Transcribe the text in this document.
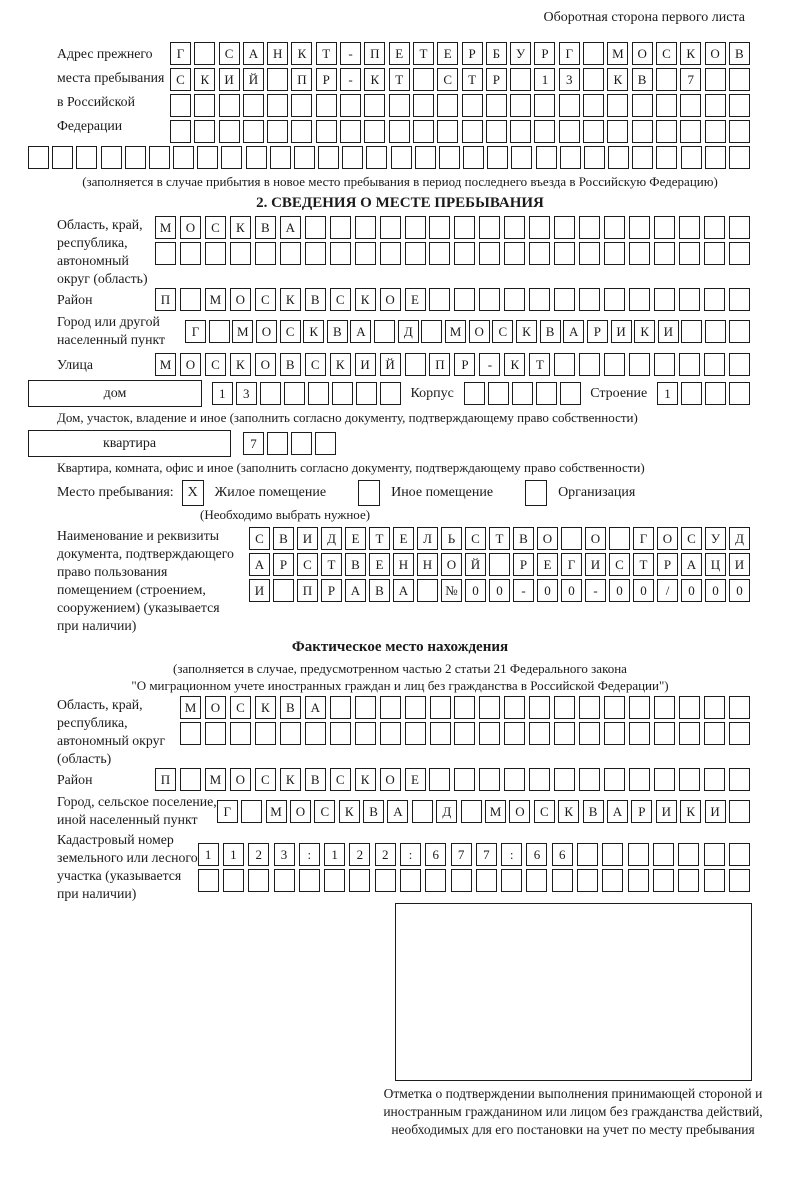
Оборотная сторона первого листа
Адрес прежнего
места пребывания
в Российской
Федерации
Г	С	А	Н	К	Т	-	П	Е	Т	Е	Р	Б	У	Р	Г	М	О	С	К	О	В
С	К	И	Й	П	Р	-	К	Т	С	Т	Р	1	3	К	В	7
(заполняется в случае прибытия в новое место пребывания в период последнего въезда в Российскую Федерацию)
2. СВЕДЕНИЯ О МЕСТЕ ПРЕБЫВАНИЯ
Область, край,
республика,
автономный
округ (область)
М	О	С	К	В	А
Район	П	М	О	С	К	В	С	К	О	Е
Город или другой
населенный пункт
Г	М	О	С	К	В	А	Д	М	О	С	К	В	А	Р	И	К	И
Улица	М	О	С	К	О	В	С	К	И	Й	П	Р	-	К	Т
дом	1	3	Корпус	Строение	1
Дом, участок, владение и иное (заполнить согласно документу, подтверждающему право собственности)
квартира	7
Квартира, комната, офис и иное (заполнить согласно документу, подтверждающему право собственности)
Место пребывания: X	Жилое помещение	Иное помещение	Организация
(Необходимо выбрать нужное)
Наименование и реквизиты
документа, подтверждающего
право пользования
помещением (строением,
сооружением) (указывается
при наличии)
С	В	И	Д	Е	Т	Е	Л	Ь	С	Т	В	О	О	Г	О	С	У	Д
А	Р	С	Т	В	Е	Н	Н	О	Й	Р	Е	Г	И	С	Т	Р	А	Ц	И
И	П	Р	А	В	А	№	0	0	-	0	0	-	0	0	/	0	0	0
Фактическое место нахождения
(заполняется в случае, предусмотренном частью 2 статьи 21 Федерального закона
"О миграционном учете иностранных граждан и лиц без гражданства в Российской Федерации")
Область, край,
республика,
автономный округ
(область)
М	О	С	К	В	А
Район	П	М	О	С	К	В	С	К	О	Е
Город, сельское поселение,
иной населенный пункт
Г	М	О	С	К	В	А	Д	М	О	С	К	В	А	Р	И	К	И
Кадастровый номер
земельного или лесного
участка (указывается
при наличии)
1	1	2	3	:	1	2	2	:	6	7	7	:	6	6
Отметка о подтверждении выполнения принимающей стороной и иностранным гражданином или лицом без гражданства действий, необходимых для его постановки на учет по месту пребывания
